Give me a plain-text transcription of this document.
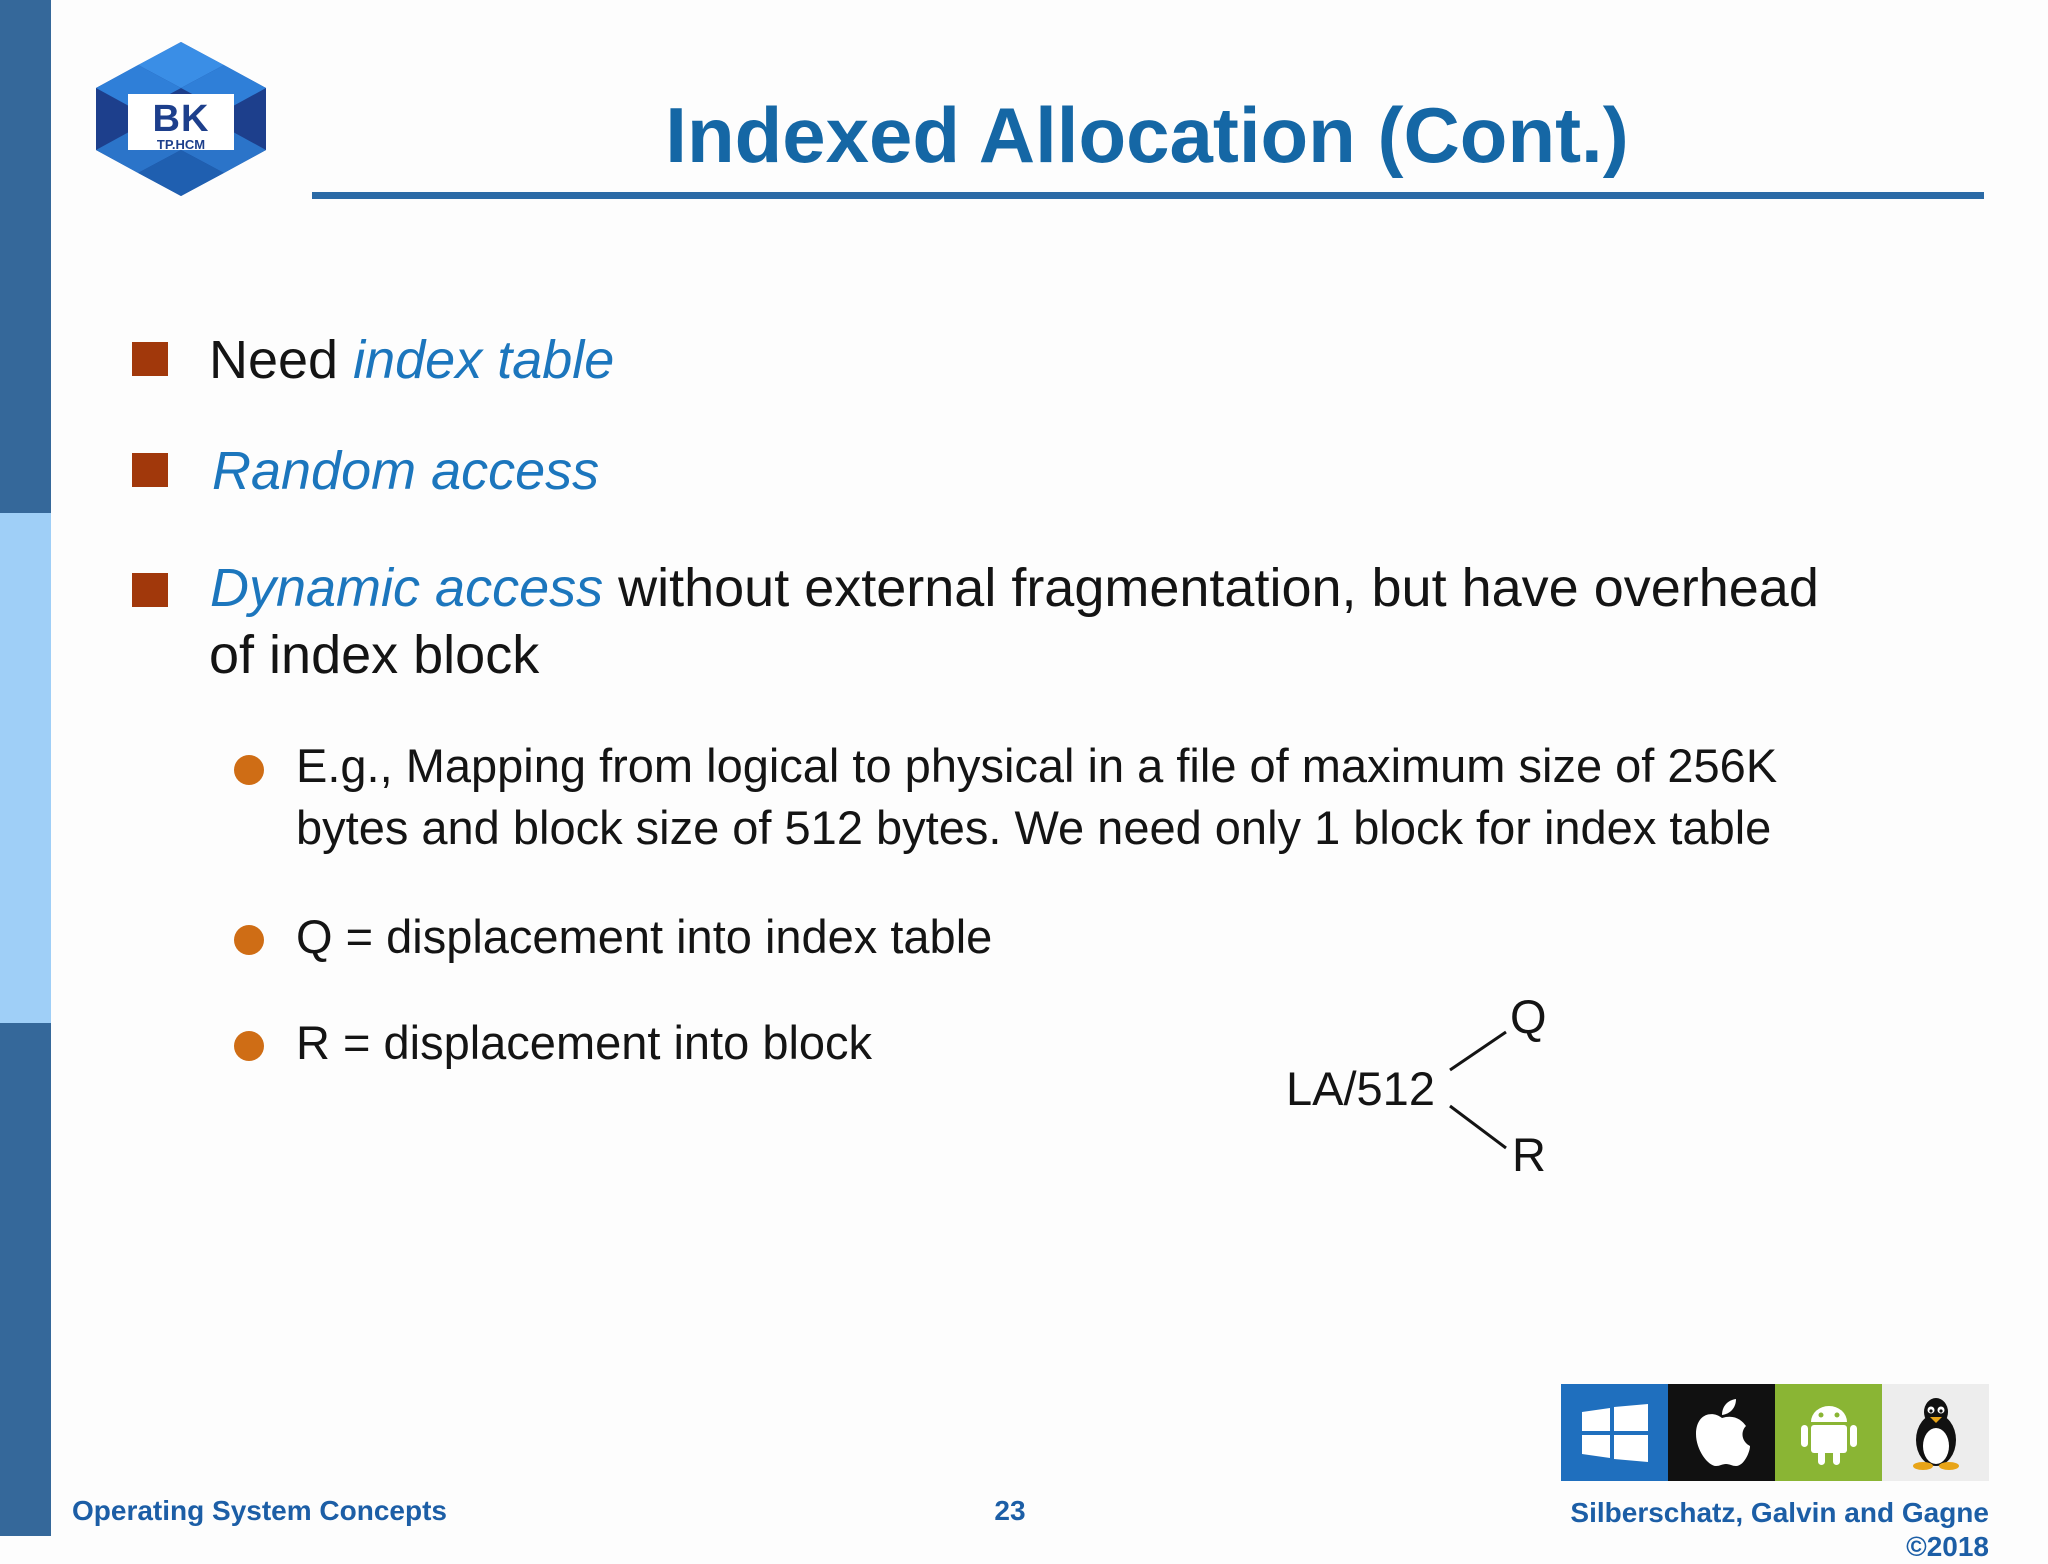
BK
TP.HCM	Indexed Allocation (Cont.)
Need index table
Random access
Dynamic access without external fragmentation, but have overhead
of index block
E.g., Mapping from logical to physical in a file of maximum size of 256K
bytes and block size of 512 bytes. We need only 1 block for index table
Q = displacement into index table
R = displacement into block
LA/512
Q
R
Operating System Concepts	23	Silberschatz, Galvin and Gagne ©2018
